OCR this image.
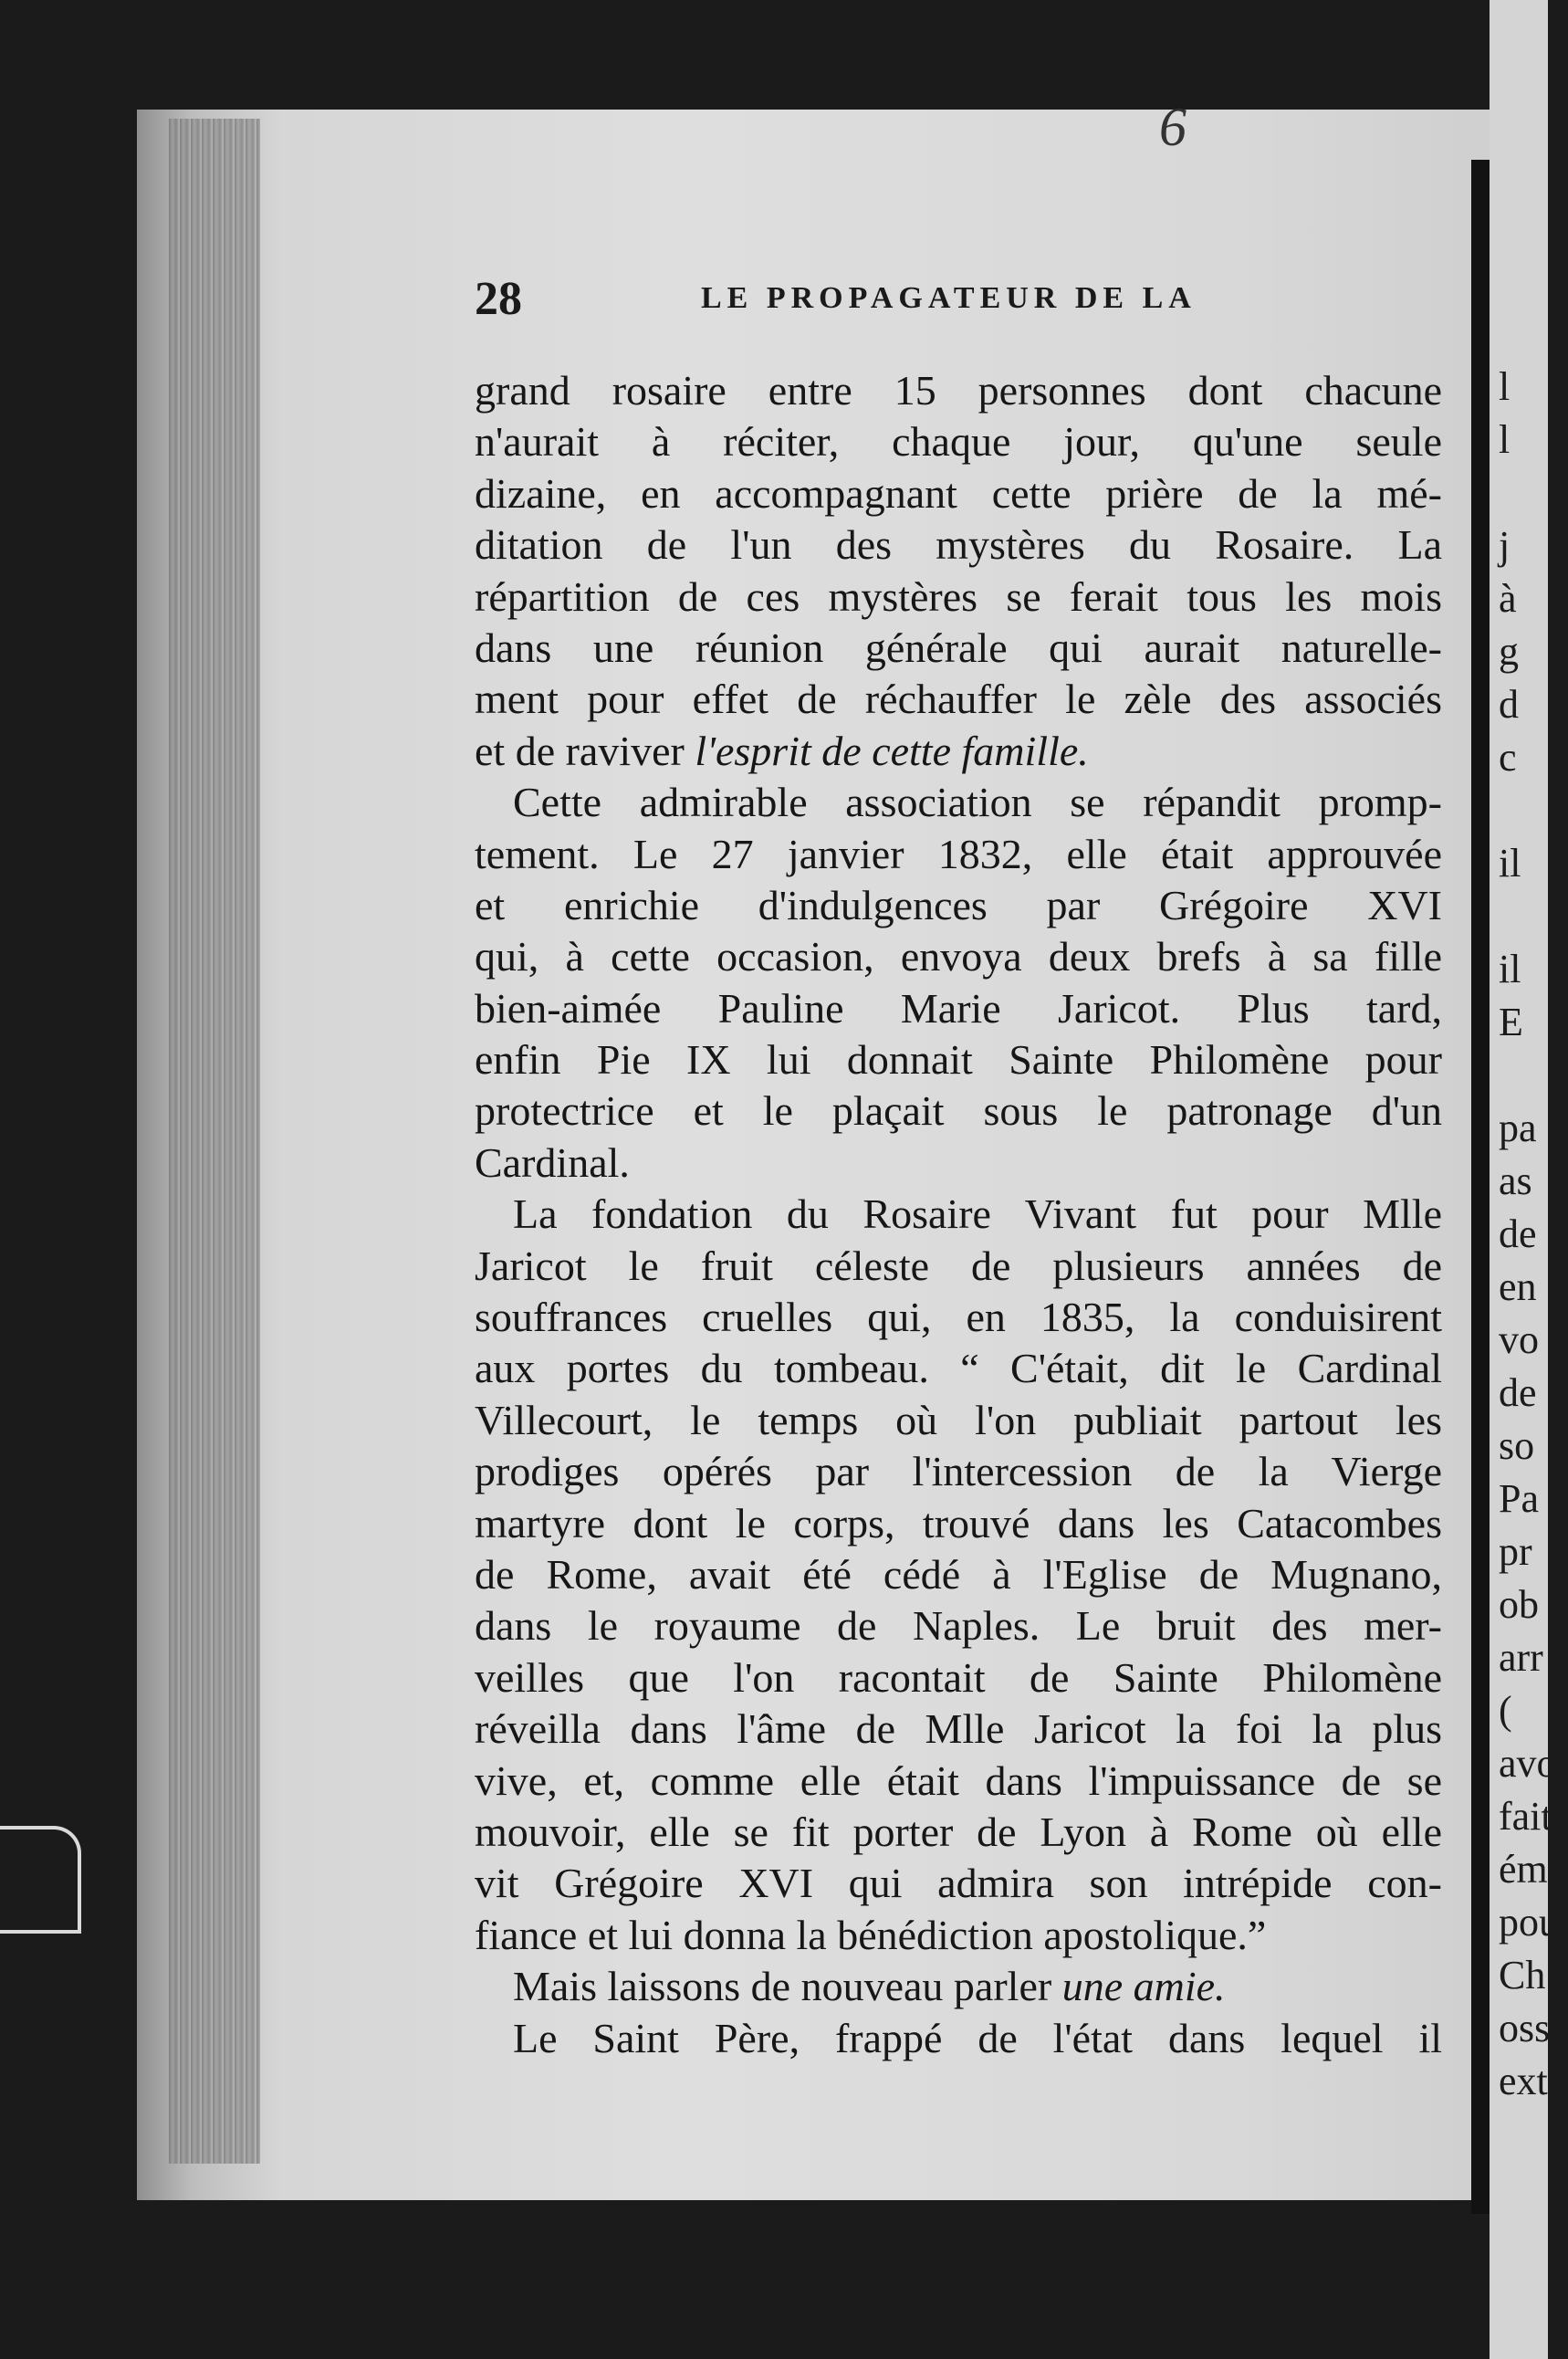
6
28	LE PROPAGATEUR DE LA
grand rosaire entre 15 personnes dont chacune
n'aurait à réciter, chaque jour, qu'une seule
dizaine, en accompagnant cette prière de la mé-
ditation de l'un des mystères du Rosaire. La
répartition de ces mystères se ferait tous les mois
dans une réunion générale qui aurait naturelle-
ment pour effet de réchauffer le zèle des associés
et de raviver l'esprit de cette famille.
Cette admirable association se répandit promp-
tement. Le 27 janvier 1832, elle était approuvée
et enrichie d'indulgences par Grégoire XVI
qui, à cette occasion, envoya deux brefs à sa fille
bien-aimée Pauline Marie Jaricot. Plus tard,
enfin Pie IX lui donnait Sainte Philomène pour
protectrice et le plaçait sous le patronage d'un
Cardinal.
La fondation du Rosaire Vivant fut pour Mlle
Jaricot le fruit céleste de plusieurs années de
souffrances cruelles qui, en 1835, la conduisirent
aux portes du tombeau. “ C'était, dit le Cardinal
Villecourt, le temps où l'on publiait partout les
prodiges opérés par l'intercession de la Vierge
martyre dont le corps, trouvé dans les Catacombes
de Rome, avait été cédé à l'Eglise de Mugnano,
dans le royaume de Naples. Le bruit des mer-
veilles que l'on racontait de Sainte Philomène
réveilla dans l'âme de Mlle Jaricot la foi la plus
vive, et, comme elle était dans l'impuissance de se
mouvoir, elle se fit porter de Lyon à Rome où elle
vit Grégoire XVI qui admira son intrépide con-
fiance et lui donna la bénédiction apostolique.”
Mais laissons de nouveau parler une amie.
Le Saint Père, frappé de l'état dans lequel il
l
l
j
à
g
d
c
il
il
E
pa
as
de
en
vo
de
so
Pa
pr
ob
arr
(
avo
fait
ému
pou
Ch
oss
ext
